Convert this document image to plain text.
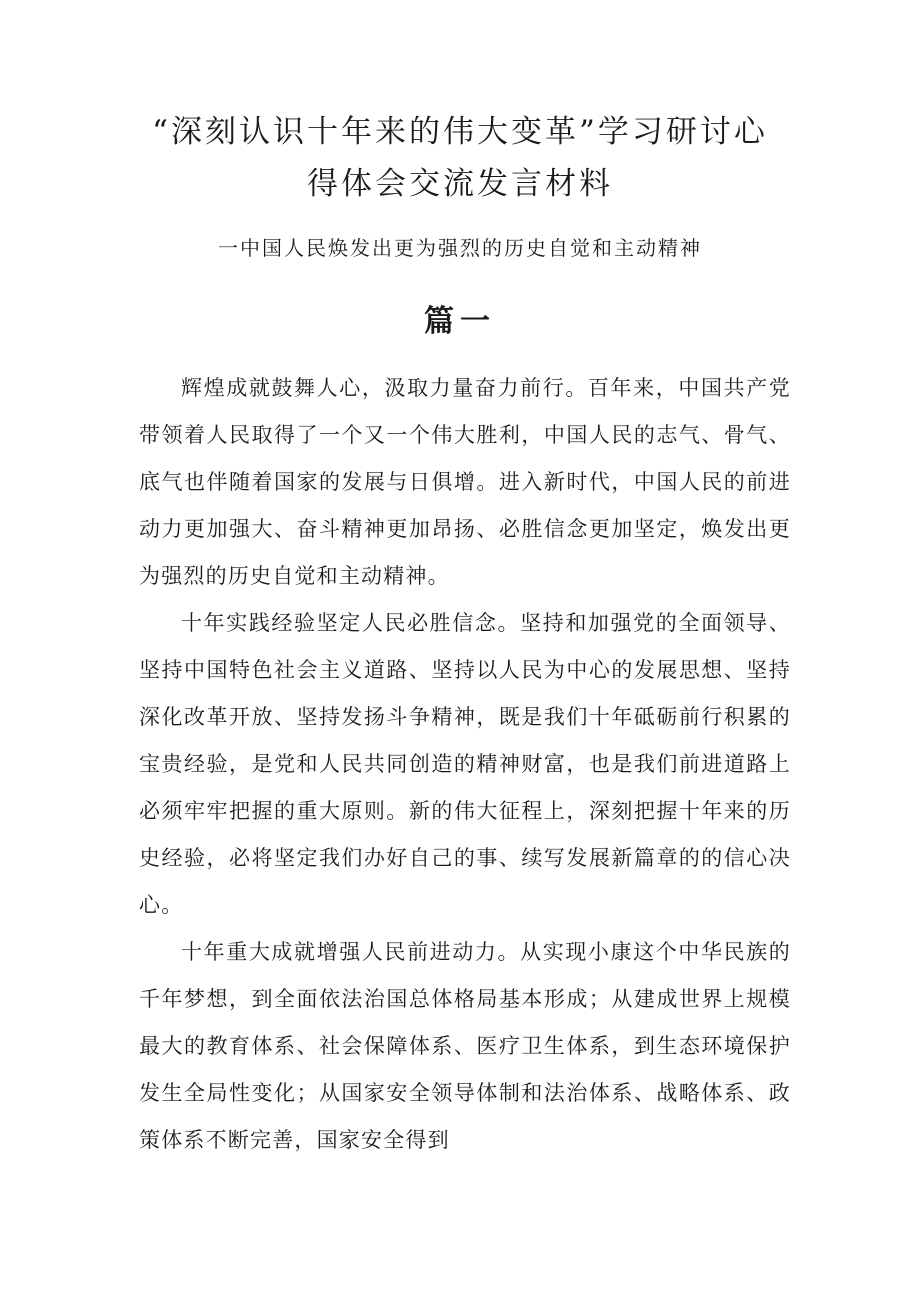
“深刻认识十年来的伟大变革”学习研讨心
得体会交流发言材料

一中国人民焕发出更为强烈的历史自觉和主动精神

篇一

辉煌成就鼓舞人心，汲取力量奋力前行。百年来，中国共产党带领着人民取得了一个又一个伟大胜利，中国人民的志气、骨气、底气也伴随着国家的发展与日俱增。进入新时代，中国人民的前进动力更加强大、奋斗精神更加昂扬、必胜信念更加坚定，焕发出更为强烈的历史自觉和主动精神。

十年实践经验坚定人民必胜信念。坚持和加强党的全面领导、坚持中国特色社会主义道路、坚持以人民为中心的发展思想、坚持深化改革开放、坚持发扬斗争精神，既是我们十年砥砺前行积累的宝贵经验，是党和人民共同创造的精神财富，也是我们前进道路上必须牢牢把握的重大原则。新的伟大征程上，深刻把握十年来的历史经验，必将坚定我们办好自己的事、续写发展新篇章的的信心决心。

十年重大成就增强人民前进动力。从实现小康这个中华民族的千年梦想，到全面依法治国总体格局基本形成；从建成世界上规模最大的教育体系、社会保障体系、医疗卫生体系，到生态环境保护发生全局性变化；从国家安全领导体制和法治体系、战略体系、政策体系不断完善，国家安全得到
